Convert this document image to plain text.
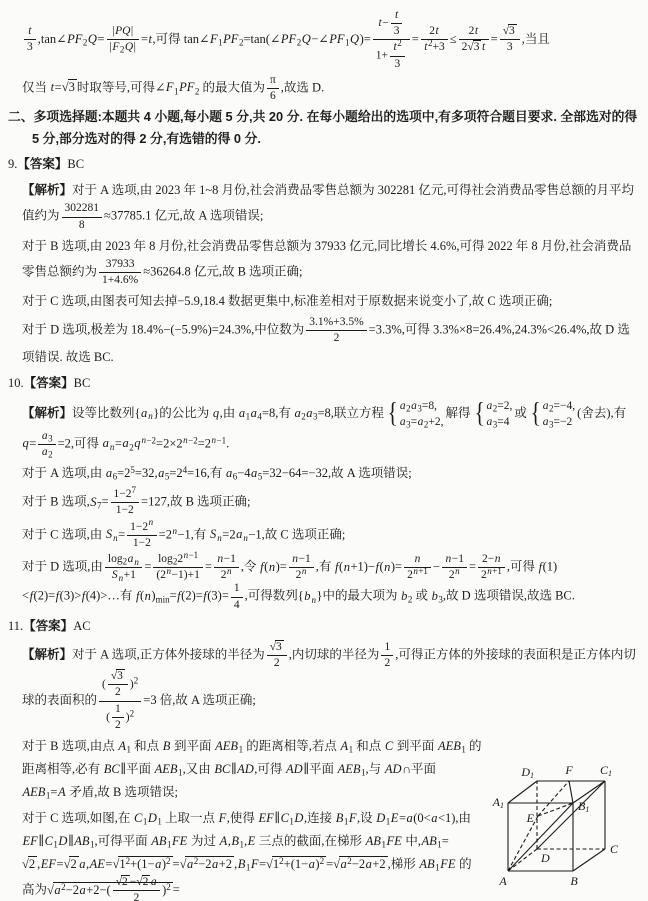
$\frac{t}{3}$ $,\tan\angle PF_2Q= \frac{|PQ|}{|F_2Q|} =t$,可得 $\tan\angle F_1PF_2=\tan(\angle PF_2Q-\angle PF_1Q)= \frac{t- \frac{t}{3}}{1+ \frac{t^2}{3}} = \frac{2t}{t^2+3} \le \frac{2t}{2√3 t} = \frac{√3}{3}$ ,当且

仅当 t=√3 时取等号,可得$\angle F_1PF_2$ 的最大值为 $\frac{\pi}{6}$ ,故选 D.

二、多项选择题:本题共 4 小题,每小题 5 分,共 20 分. 在每小题给出的选项中,有多项符合题目要求. 全部选对的得 5 分,部分选对的得 2 分,有选错的得 0 分.

9.【答案】BC

【解析】对于 A 选项,由 2023 年 1~8 月份,社会消费品零售总额为 302281 亿元,可得社会消费品零售总额的月平均值约为 $\frac{302281}{8} \approx 37785.1$ 亿元,故 A 选项错误;

对于 B 选项,由 2023 年 8 月份,社会消费品零售总额为 37933 亿元,同比增长 4.6%,可得 2022 年 8 月份,社会消费品零售总额约为 $\frac{37933}{1+4.6\%} \approx 36264.8$ 亿元,故 B 选项正确;

对于 C 选项,由图表可知去掉−5.9,18.4 数据更集中,标准差相对于原数据来说变小了,故 C 选项正确;

对于 D 选项,极差为 18.4%−(−5.9%)=24.3%,中位数为 $\frac{3.1\%+3.5\%}{2} =3.3\%$,可得 3.3%×8=26.4%,24.3%<26.4%,故 D 选项错误. 故选 BC.

10.【答案】BC

【解析】设等比数列$\{a_n\}$的公比为 q,由 $a_1a_4=8$,有 $a_2a_3=8$,联立方程 { $a_2a_3=8$,
$a_3=a_2+2$,
解得 { $a_2=2$,
$a_3=4$
或 { $a_2=-4$,
$a_3=-2$
(舍去),有 $q= \frac{a_3}{a_2} =2$,可得 $a_n=a_2q^{n-2}=2\times 2^{n-2}=2^{n-1}$.

对于 A 选项,由 $a_6=2^5=32,a_5=2^4=16$,有 $a_6-4a_5=32-64=-32$,故 A 选项错误;

对于 B 选项$,S_7= \frac{1-2^7}{1-2} =127$,故 B 选项正确;

对于 C 选项,由 $S_n= \frac{1-2^n}{1-2} =2^n-1$,有 $S_n=2a_n-1$,故 C 选项正确;

对于 D 选项,由 $\frac{\log_2a_n}{S_n+1} = \frac{\log_22^{n-1}}{(2^n-1)+1} = \frac{n-1}{2^n}$ ,令 $f(n)= \frac{n-1}{2^n}$ ,有 $f(n+1)-f(n)= \frac{n}{2^{n+1}} - \frac{n-1}{2^n} = \frac{2-n}{2^{n+1}}$ ,可得 f(1)<f(2)=f(3)>f(4)>…有 $f(n)_{min}=f(2)=f(3)= \frac{1}{4}$ ,可得数列$\{b_n\}$中的最大项为 $b_2$ 或 $b_3$,故 D 选项错误,故选 BC.

11.【答案】AC

【解析】对于 A 选项,正方体外接球的半径为 $\frac{√3}{2}$ ,内切球的半径为 $\frac{1}{2}$ ,可得正方体的外接球的表面积是正方体内切球的表面积的 $\frac{( \frac{√3}{2} )^2}{( \frac{1}{2} )^2} =3$ 倍,故 A 选项正确;

D1	F C1
A1	B1
E
D
C
A	B

对于 B 选项,由点 $A_1$ 和点 B 到平面 $AEB_1$ 的距离相等,若点 $A_1$ 和点 C 到平面 $AEB_1$ 的距离相等,必有 BC∥平面 $AEB_1$,又由 BC∥AD,可得 AD∥平面 $AEB_1$,与 AD∩平面 $AEB_1=A$ 矛盾,故 B 选项错误;

对于 C 选项,如图,在 $C_1D_1$ 上取一点 F,使得 $EF\parallel C_1D$,连接 $B_1F$,设 $D_1E=a(0<a<1)$,由 $EF\parallel C_1D\parallel AB_1$,可得平面 $AB_1FE$ 为过 $A,B_1,E$ 三点的截面,在梯形 $AB_1FE$ 中$,AB_1=√2$ ,EF=√2 $a,AE=√1^2+(1-a)^2 =√a^2-2a+2$ $,B_1F=√1^2+(1-a)^2 =√a^2-2a+2$ ,梯形 $AB_1FE$ 的高为$√a^2-2a+2-( \frac{√2 -√2 a}{2} )^2$ =
